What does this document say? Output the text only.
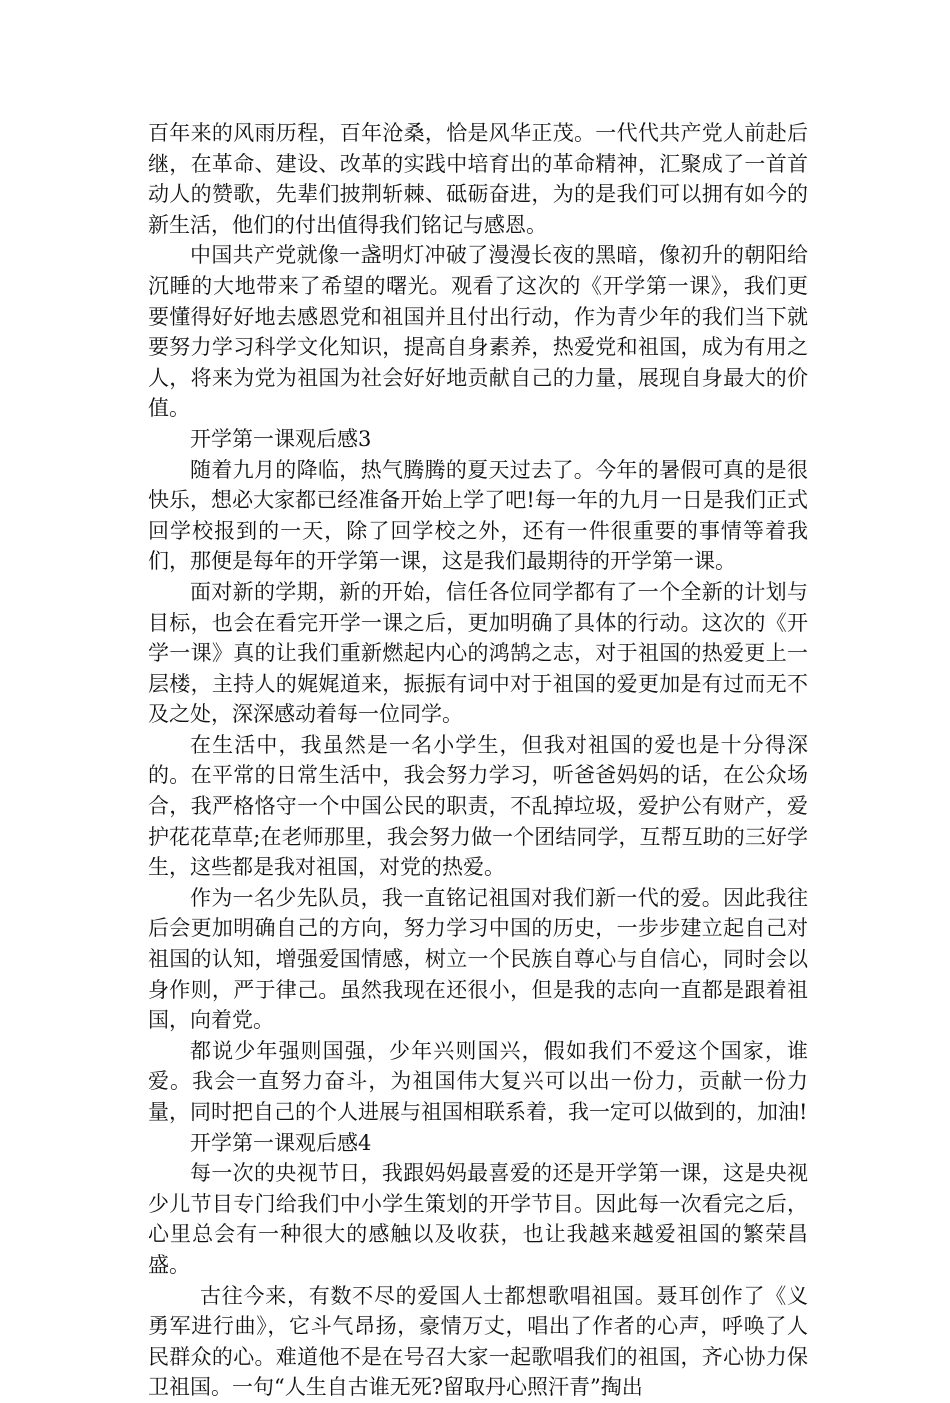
百年来的风雨历程，百年沧桑，恰是风华正茂。一代代共产党人前赴后继，在革命、建设、改革的实践中培育出的革命精神，汇聚成了一首首动人的赞歌，先辈们披荆斩棘、砥砺奋进，为的是我们可以拥有如今的新生活，他们的付出值得我们铭记与感恩。

中国共产党就像一盏明灯冲破了漫漫长夜的黑暗，像初升的朝阳给沉睡的大地带来了希望的曙光。观看了这次的《开学第一课》，我们更要懂得好好地去感恩党和祖国并且付出行动，作为青少年的我们当下就要努力学习科学文化知识，提高自身素养，热爱党和祖国，成为有用之人，将来为党为祖国为社会好好地贡献自己的力量，展现自身最大的价值。

开学第一课观后感3

随着九月的降临，热气腾腾的夏天过去了。今年的暑假可真的是很快乐，想必大家都已经准备开始上学了吧!每一年的九月一日是我们正式回学校报到的一天，除了回学校之外，还有一件很重要的事情等着我们，那便是每年的开学第一课，这是我们最期待的开学第一课。

面对新的学期，新的开始，信任各位同学都有了一个全新的计划与目标，也会在看完开学一课之后，更加明确了具体的行动。这次的《开学一课》真的让我们重新燃起内心的鸿鹄之志，对于祖国的热爱更上一层楼，主持人的娓娓道来，振振有词中对于祖国的爱更加是有过而无不及之处，深深感动着每一位同学。

在生活中，我虽然是一名小学生，但我对祖国的爱也是十分得深的。在平常的日常生活中，我会努力学习，听爸爸妈妈的话，在公众场合，我严格恪守一个中国公民的职责，不乱掉垃圾，爱护公有财产，爱护花花草草;在老师那里，我会努力做一个团结同学，互帮互助的三好学生，这些都是我对祖国，对党的热爱。

作为一名少先队员，我一直铭记祖国对我们新一代的爱。因此我往后会更加明确自己的方向，努力学习中国的历史，一步步建立起自己对祖国的认知，增强爱国情感，树立一个民族自尊心与自信心，同时会以身作则，严于律己。虽然我现在还很小，但是我的志向一直都是跟着祖国，向着党。

都说少年强则国强，少年兴则国兴，假如我们不爱这个国家，谁爱。我会一直努力奋斗，为祖国伟大复兴可以出一份力，贡献一份力量，同时把自己的个人进展与祖国相联系着，我一定可以做到的，加油!

开学第一课观后感4

每一次的央视节日，我跟妈妈最喜爱的还是开学第一课，这是央视少儿节目专门给我们中小学生策划的开学节目。因此每一次看完之后，心里总会有一种很大的感触以及收获，也让我越来越爱祖国的繁荣昌盛。

古往今来，有数不尽的爱国人士都想歌唱祖国。聂耳创作了《义勇军进行曲》，它斗气昂扬，豪情万丈，唱出了作者的心声，呼唤了人民群众的心。难道他不是在号召大家一起歌唱我们的祖国，齐心协力保卫祖国。一句“人生自古谁无死?留取丹心照汗青”掏出
